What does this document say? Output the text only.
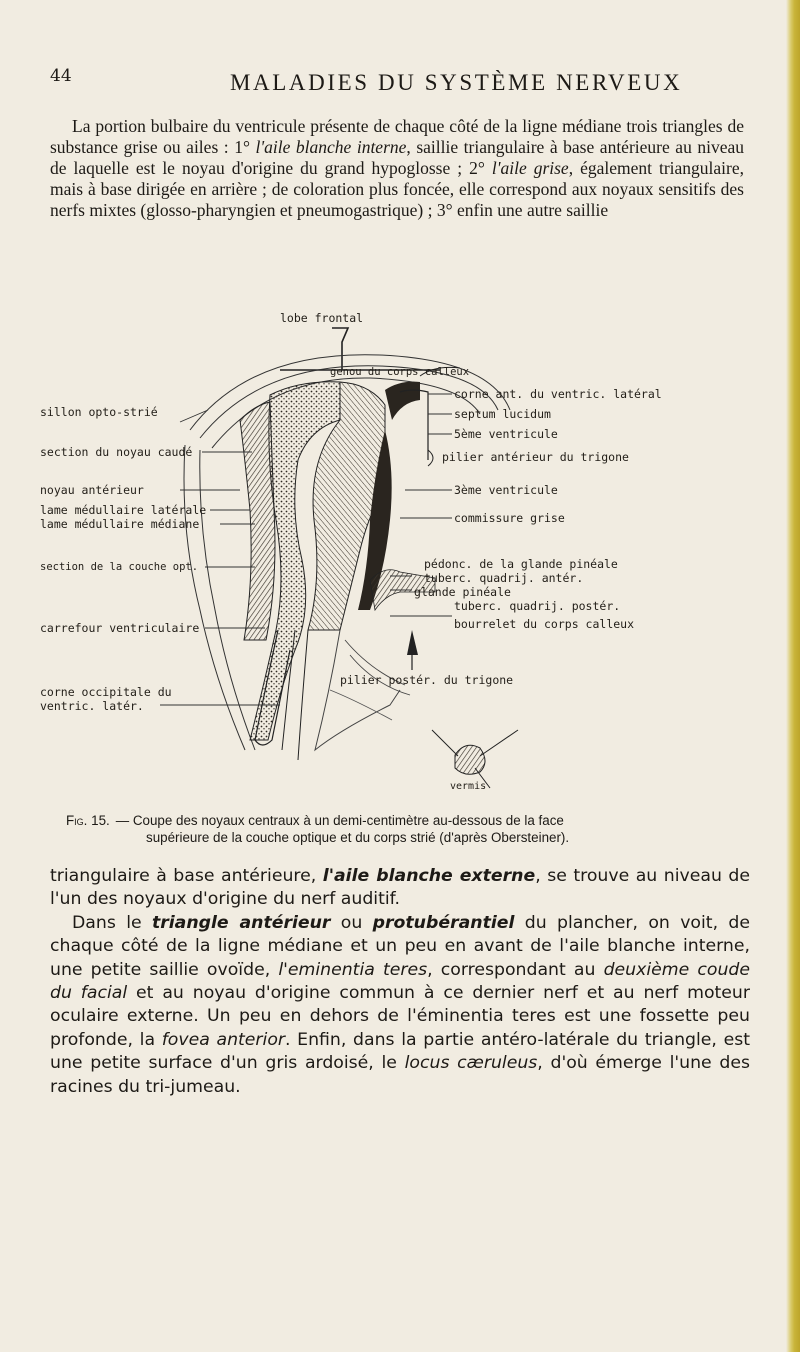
44	MALADIES DU SYSTÈME NERVEUX

La portion bulbaire du ventricule présente de chaque côté de la ligne médiane trois triangles de substance grise ou ailes : 1° l'aile blanche interne, saillie triangulaire à base antérieure au niveau de laquelle est le noyau d'origine du grand hypoglosse ; 2° l'aile grise, également triangulaire, mais à base dirigée en arrière ; de coloration plus foncée, elle correspond aux noyaux sensitifs des nerfs mixtes (glosso-pharyngien et pneumogastrique) ; 3° enfin une autre saillie

lobe frontal
genou du corps calleux
sillon opto-strié
section du noyau caudé
noyau antérieur
lame médullaire latérale
lame médullaire médiane
section de la couche opt.
carrefour ventriculaire
corne occipitale du
ventric. latér.
corne ant. du ventric. latéral
septum lucidum
5ème ventricule
pilier antérieur du trigone
3ème ventricule
commissure grise
pédonc. de la glande pinéale
tuberc. quadrij. antér.
glande pinéale
tuberc. quadrij. postér.
bourrelet du corps calleux
pilier postér. du trigone
vermis

Fig. 15. — Coupe des noyaux centraux à un demi-centimètre au-dessous de la face
supérieure de la couche optique et du corps strié (d'après Obersteiner).

triangulaire à base antérieure, l'aile blanche externe, se trouve au niveau de l'un des noyaux d'origine du nerf auditif.

Dans le triangle antérieur ou protubérantiel du plancher, on voit, de chaque côté de la ligne médiane et un peu en avant de l'aile blanche interne, une petite saillie ovoïde, l'eminentia teres, correspondant au deuxième coude du facial et au noyau d'origine commun à ce dernier nerf et au nerf moteur oculaire externe. Un peu en dehors de l'éminentia teres est une fossette peu profonde, la fovea anterior. Enfin, dans la partie antéro-latérale du triangle, est une petite surface d'un gris ardoisé, le locus cæruleus, d'où émerge l'une des racines du tri-jumeau.
